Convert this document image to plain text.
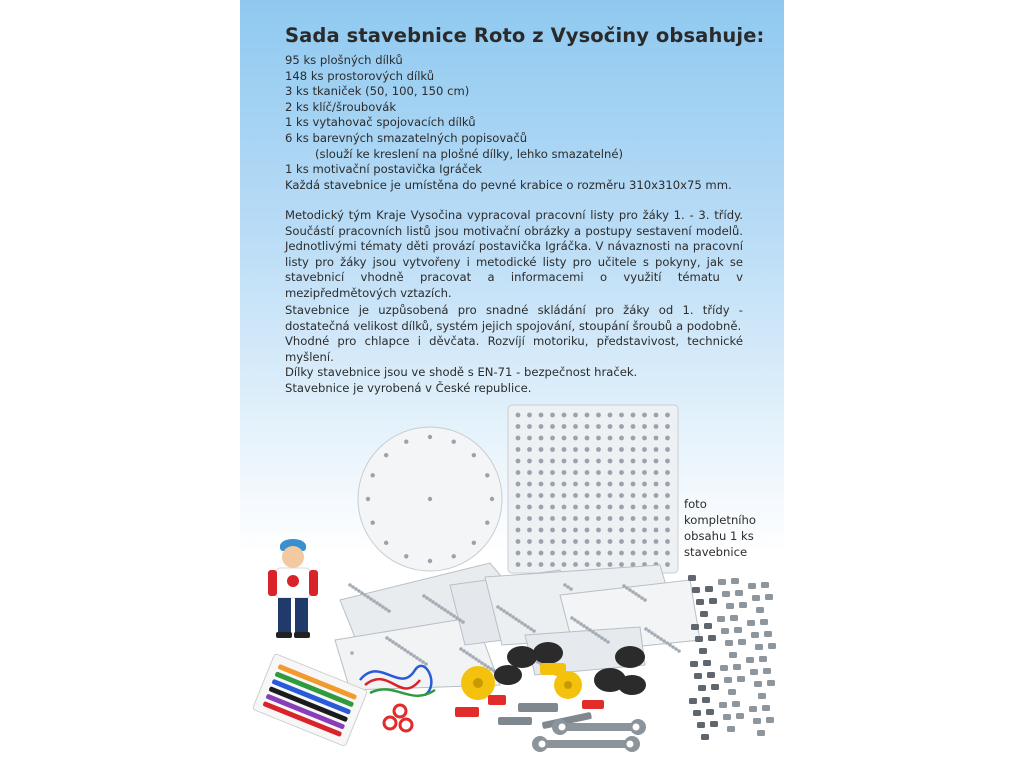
Sada stavebnice Roto z Vysočiny obsahuje:
95 ks plošných dílků
148 ks prostorových dílků
3 ks tkaniček (50, 100, 150 cm)
2 ks klíč/šroubovák
1 ks vytahovač spojovacích dílků
6 ks barevných smazatelných popisovačů
(slouží ke kreslení na plošné dílky, lehko smazatelné)
1 ks motivační postavička Igráček
Každá stavebnice je umístěna do pevné krabice o rozměru 310x310x75 mm.
Metodický tým Kraje Vysočina vypracoval pracovní listy pro žáky 1. - 3. třídy. Součástí pracovních listů jsou motivační obrázky a postupy sestavení modelů. Jednotlivými tématy děti provází postavička Igráčka. V návaznosti na pracovní listy pro žáky jsou vytvořeny i metodické listy pro učitele s pokyny, jak se stavebnicí vhodně pracovat a informacemi o využití tématu v mezipředmětových vztazích.
Stavebnice je uzpůsobená pro snadné skládání pro žáky od 1. třídy - dostatečná velikost dílků, systém jejich spojování, stoupání šroubů a podobně.
Vhodné pro chlapce i děvčata. Rozvíjí motoriku, představivost, technické myšlení.
Dílky stavebnice jsou ve shodě s EN-71 - bezpečnost hraček.
Stavebnice je vyrobená v České republice.
foto
kompletního
obsahu 1 ks
stavebnice
